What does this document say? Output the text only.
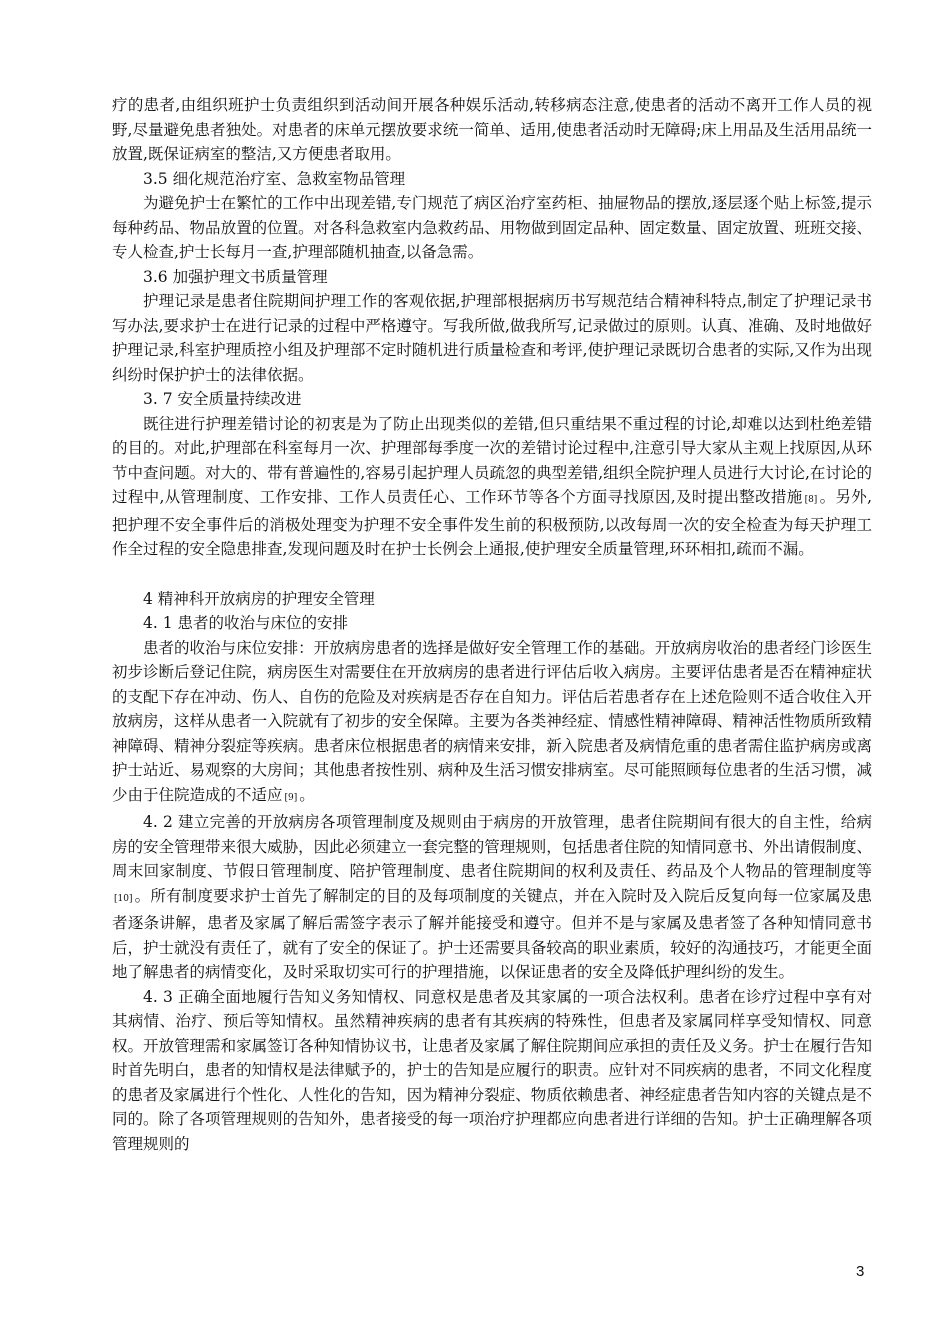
疗的患者,由组织班护士负责组织到活动间开展各种娱乐活动,转移病态注意,使患者的活动不离开工作人员的视野,尽量避免患者独处。对患者的床单元摆放要求统一简单、适用,使患者活动时无障碍;床上用品及生活用品统一放置,既保证病室的整洁,又方便患者取用。

3.5 细化规范治疗室、急救室物品管理

为避免护士在繁忙的工作中出现差错,专门规范了病区治疗室药柜、抽屉物品的摆放,逐层逐个贴上标签,提示每种药品、物品放置的位置。对各科急救室内急救药品、用物做到固定品种、固定数量、固定放置、班班交接、专人检查,护士长每月一查,护理部随机抽查,以备急需。

3.6 加强护理文书质量管理

护理记录是患者住院期间护理工作的客观依据,护理部根据病历书写规范结合精神科特点,制定了护理记录书写办法,要求护士在进行记录的过程中严格遵守。写我所做,做我所写,记录做过的原则。认真、准确、及时地做好护理记录,科室护理质控小组及护理部不定时随机进行质量检查和考评,使护理记录既切合患者的实际,又作为出现纠纷时保护护士的法律依据。

3. 7 安全质量持续改进

既往进行护理差错讨论的初衷是为了防止出现类似的差错,但只重结果不重过程的讨论,却难以达到杜绝差错的目的。对此,护理部在科室每月一次、护理部每季度一次的差错讨论过程中,注意引导大家从主观上找原因,从环节中查问题。对大的、带有普遍性的,容易引起护理人员疏忽的典型差错,组织全院护理人员进行大讨论,在讨论的过程中,从管理制度、工作安排、工作人员责任心、工作环节等各个方面寻找原因,及时提出整改措施 [8] 。另外,把护理不安全事件后的消极处理变为护理不安全事件发生前的积极预防,以改每周一次的安全检查为每天护理工作全过程的安全隐患排查,发现问题及时在护士长例会上通报,使护理安全质量管理,环环相扣,疏而不漏。

4 精神科开放病房的护理安全管理

4. 1 患者的收治与床位的安排

患者的收治与床位安排：开放病房患者的选择是做好安全管理工作的基础。开放病房收治的患者经门诊医生初步诊断后登记住院，病房医生对需要住在开放病房的患者进行评估后收入病房。主要评估患者是否在精神症状的支配下存在冲动、伤人、自伤的危险及对疾病是否存在自知力。评估后若患者存在上述危险则不适合收住入开放病房，这样从患者一入院就有了初步的安全保障。主要为各类神经症、情感性精神障碍、精神活性物质所致精神障碍、精神分裂症等疾病。患者床位根据患者的病情来安排，新入院患者及病情危重的患者需住监护病房或离护士站近、易观察的大房间；其他患者按性别、病种及生活习惯安排病室。尽可能照顾每位患者的生活习惯，减少由于住院造成的不适应 [9] 。

4. 2 建立完善的开放病房各项管理制度及规则由于病房的开放管理，患者住院期间有很大的自主性，给病房的安全管理带来很大威胁，因此必须建立一套完整的管理规则，包括患者住院的知情同意书、外出请假制度、周末回家制度、节假日管理制度、陪护管理制度、患者住院期间的权利及责任、药品及个人物品的管理制度等[10] 。所有制度要求护士首先了解制定的目的及每项制度的关键点，并在入院时及入院后反复向每一位家属及患者逐条讲解，患者及家属了解后需签字表示了解并能接受和遵守。但并不是与家属及患者签了各种知情同意书后，护士就没有责任了，就有了安全的保证了。护士还需要具备较高的职业素质，较好的沟通技巧，才能更全面地了解患者的病情变化，及时采取切实可行的护理措施，以保证患者的安全及降低护理纠纷的发生。

4. 3 正确全面地履行告知义务知情权、同意权是患者及其家属的一项合法权利。患者在诊疗过程中享有对其病情、治疗、预后等知情权。虽然精神疾病的患者有其疾病的特殊性，但患者及家属同样享受知情权、同意权。开放管理需和家属签订各种知情协议书，让患者及家属了解住院期间应承担的责任及义务。护士在履行告知时首先明白，患者的知情权是法律赋予的，护士的告知是应履行的职责。应针对不同疾病的患者，不同文化程度的患者及家属进行个性化、人性化的告知，因为精神分裂症、物质依赖患者、神经症患者告知内容的关键点是不同的。除了各项管理规则的告知外，患者接受的每一项治疗护理都应向患者进行详细的告知。护士正确理解各项管理规则的

3
